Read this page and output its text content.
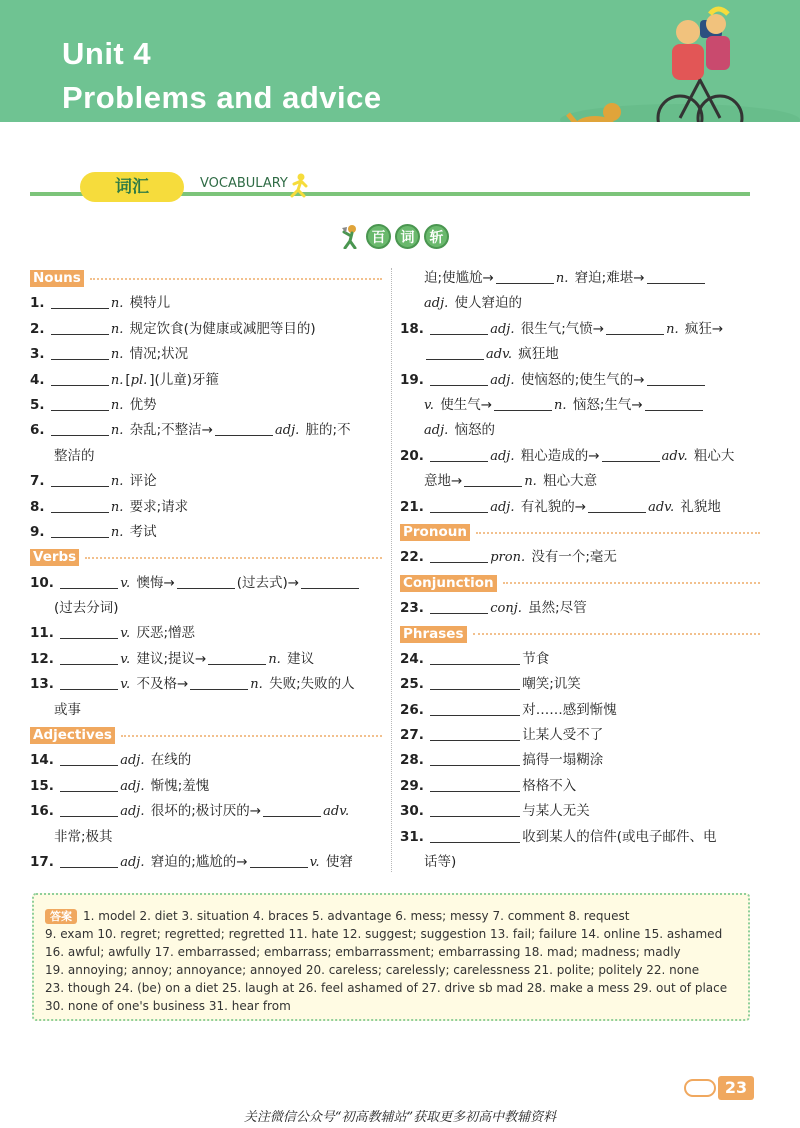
Unit 4
Problems and advice
词汇	VOCABULARY
百	词	斩
Nouns
1.	n. 模特儿
2.	n. 规定饮食(为健康或减肥等目的)
3.	n. 情况;状况
4.	n. [pl. ](儿童)牙箍
5.	n. 优势
6.	n. 杂乱;不整洁→	adj. 脏的;不
整洁的
7.	n. 评论
8.	n. 要求;请求
9.	n. 考试
Verbs
10.	v. 懊悔→	(过去式)→
(过去分词)
11.	v. 厌恶;憎恶
12.	v. 建议;提议→	n. 建议
13.	v. 不及格→	n. 失败;失败的人
或事
Adjectives
14.	adj. 在线的
15.	adj. 惭愧;羞愧
16.	adj. 很坏的;极讨厌的→	adv.
非常;极其
17.	adj. 窘迫的;尴尬的→	v. 使窘
迫;使尴尬→	n. 窘迫;难堪→
adj. 使人窘迫的
18.	adj. 很生气;气愤→	n. 疯狂→
adv. 疯狂地
19.	adj. 使恼怒的;使生气的→
v. 使生气→	n. 恼怒;生气→
adj. 恼怒的
20.	adj. 粗心造成的→	adv. 粗心大
意地→	n. 粗心大意
21.	adj. 有礼貌的→	adv. 礼貌地
Pronoun
22.	pron. 没有一个;毫无
Conjunction
23.	conj. 虽然;尽管
Phrases
24.	节食
25.	嘲笑;讥笑
26.	对……感到惭愧
27.	让某人受不了
28.	搞得一塌糊涂
29.	格格不入
30.	与某人无关
31.	收到某人的信件(或电子邮件、电
话等)
答案 1. model 2. diet 3. situation 4. braces 5. advantage 6. mess; messy 7. comment 8. request
9. exam 10. regret; regretted; regretted 11. hate 12. suggest; suggestion 13. fail; failure 14. online 15. ashamed
16. awful; awfully 17. embarrassed; embarrass; embarrassment; embarrassing 18. mad; madness; madly
19. annoying; annoy; annoyance; annoyed 20. careless; carelessly; carelessness 21. polite; politely 22. none
23. though 24. (be) on a diet 25. laugh at 26. feel ashamed of 27. drive sb mad 28. make a mess 29. out of place
30. none of one's business 31. hear from
23
关注微信公众号“初高教辅站”获取更多初高中教辅资料
